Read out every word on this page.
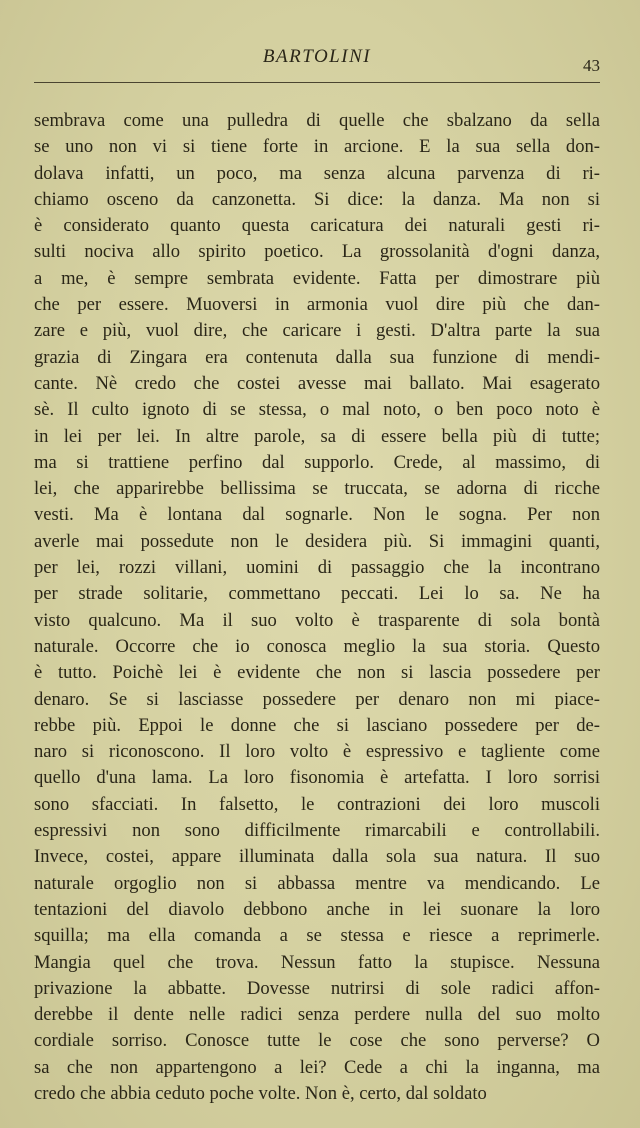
BARTOLINI	43
sembrava come una pulledra di quelle che sbalzano da sella
se uno non vi si tiene forte in arcione. E la sua sella don-
dolava infatti, un poco, ma senza alcuna parvenza di ri-
chiamo osceno da canzonetta. Si dice: la danza. Ma non si
è considerato quanto questa caricatura dei naturali gesti ri-
sulti nociva allo spirito poetico. La grossolanità d'ogni danza,
a me, è sempre sembrata evidente. Fatta per dimostrare più
che per essere. Muoversi in armonia vuol dire più che dan-
zare e più, vuol dire, che caricare i gesti. D'altra parte la sua
grazia di Zingara era contenuta dalla sua funzione di mendi-
cante. Nè credo che costei avesse mai ballato. Mai esagerato
sè. Il culto ignoto di se stessa, o mal noto, o ben poco noto è
in lei per lei. In altre parole, sa di essere bella più di tutte;
ma si trattiene perfino dal supporlo. Crede, al massimo, di
lei, che apparirebbe bellissima se truccata, se adorna di ricche
vesti. Ma è lontana dal sognarle. Non le sogna. Per non
averle mai possedute non le desidera più. Si immagini quanti,
per lei, rozzi villani, uomini di passaggio che la incontrano
per strade solitarie, commettano peccati. Lei lo sa. Ne ha
visto qualcuno. Ma il suo volto è trasparente di sola bontà
naturale. Occorre che io conosca meglio la sua storia. Questo
è tutto. Poichè lei è evidente che non si lascia possedere per
denaro. Se si lasciasse possedere per denaro non mi piace-
rebbe più. Eppoi le donne che si lasciano possedere per de-
naro si riconoscono. Il loro volto è espressivo e tagliente come
quello d'una lama. La loro fisonomia è artefatta. I loro sorrisi
sono sfacciati. In falsetto, le contrazioni dei loro muscoli
espressivi non sono difficilmente rimarcabili e controllabili.
Invece, costei, appare illuminata dalla sola sua natura. Il suo
naturale orgoglio non si abbassa mentre va mendicando. Le
tentazioni del diavolo debbono anche in lei suonare la loro
squilla; ma ella comanda a se stessa e riesce a reprimerle.
Mangia quel che trova. Nessun fatto la stupisce. Nessuna
privazione la abbatte. Dovesse nutrirsi di sole radici affon-
derebbe il dente nelle radici senza perdere nulla del suo molto
cordiale sorriso. Conosce tutte le cose che sono perverse? O
sa che non appartengono a lei? Cede a chi la inganna, ma
credo che abbia ceduto poche volte. Non è, certo, dal soldato
